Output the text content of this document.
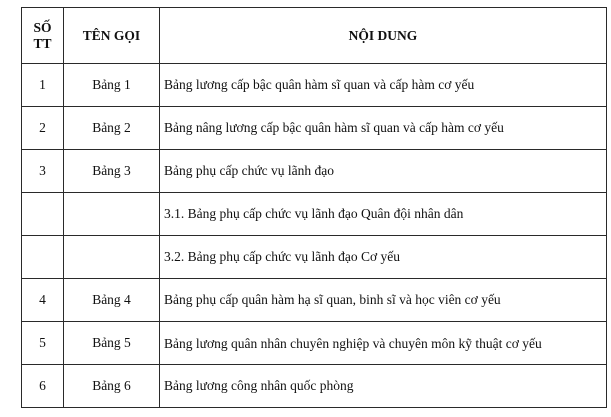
SỐ
TT	TÊN GỌI	NỘI DUNG
1	Bảng 1	Bảng lương cấp bậc quân hàm sĩ quan và cấp hàm cơ yếu
2	Bảng 2	Bảng nâng lương cấp bậc quân hàm sĩ quan và cấp hàm cơ yếu
3	Bảng 3	Bảng phụ cấp chức vụ lãnh đạo
		3.1. Bảng phụ cấp chức vụ lãnh đạo Quân đội nhân dân
		3.2. Bảng phụ cấp chức vụ lãnh đạo Cơ yếu
4	Bảng 4	Bảng phụ cấp quân hàm hạ sĩ quan, binh sĩ và học viên cơ yếu
5	Bảng 5	Bảng lương quân nhân chuyên nghiệp và chuyên môn kỹ thuật cơ yếu
6	Bảng 6	Bảng lương công nhân quốc phòng
